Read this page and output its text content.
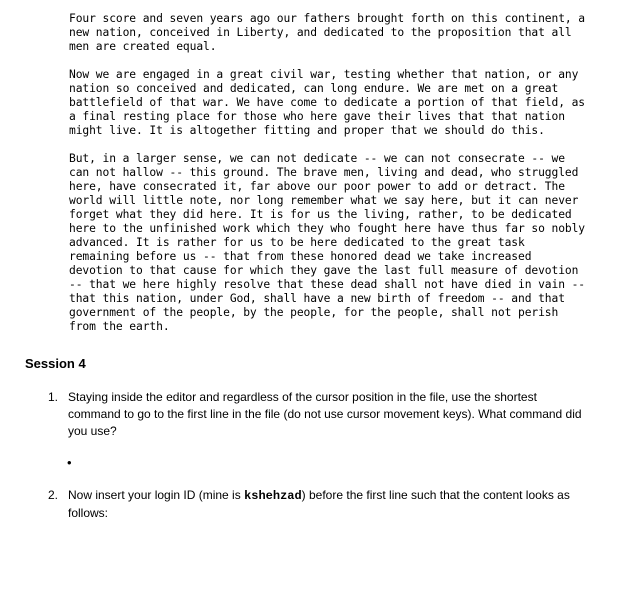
Four score and seven years ago our fathers brought forth on this continent, a
new nation, conceived in Liberty, and dedicated to the proposition that all
men are created equal.

Now we are engaged in a great civil war, testing whether that nation, or any
nation so conceived and dedicated, can long endure. We are met on a great
battlefield of that war. We have come to dedicate a portion of that field, as
a final resting place for those who here gave their lives that that nation
might live. It is altogether fitting and proper that we should do this.

But, in a larger sense, we can not dedicate -- we can not consecrate -- we
can not hallow -- this ground. The brave men, living and dead, who struggled
here, have consecrated it, far above our poor power to add or detract. The
world will little note, nor long remember what we say here, but it can never
forget what they did here. It is for us the living, rather, to be dedicated
here to the unfinished work which they who fought here have thus far so nobly
advanced. It is rather for us to be here dedicated to the great task
remaining before us -- that from these honored dead we take increased
devotion to that cause for which they gave the last full measure of devotion
-- that we here highly resolve that these dead shall not have died in vain --
that this nation, under God, shall have a new birth of freedom -- and that
government of the people, by the people, for the people, shall not perish
from the earth.

Session 4
1. Staying inside the editor and regardless of the cursor position in the file, use the shortest command to go to the first line in the file (do not use cursor movement keys). What command did you use?
•
2. Now insert your login ID (mine is kshehzad) before the first line such that the content looks as follows:
